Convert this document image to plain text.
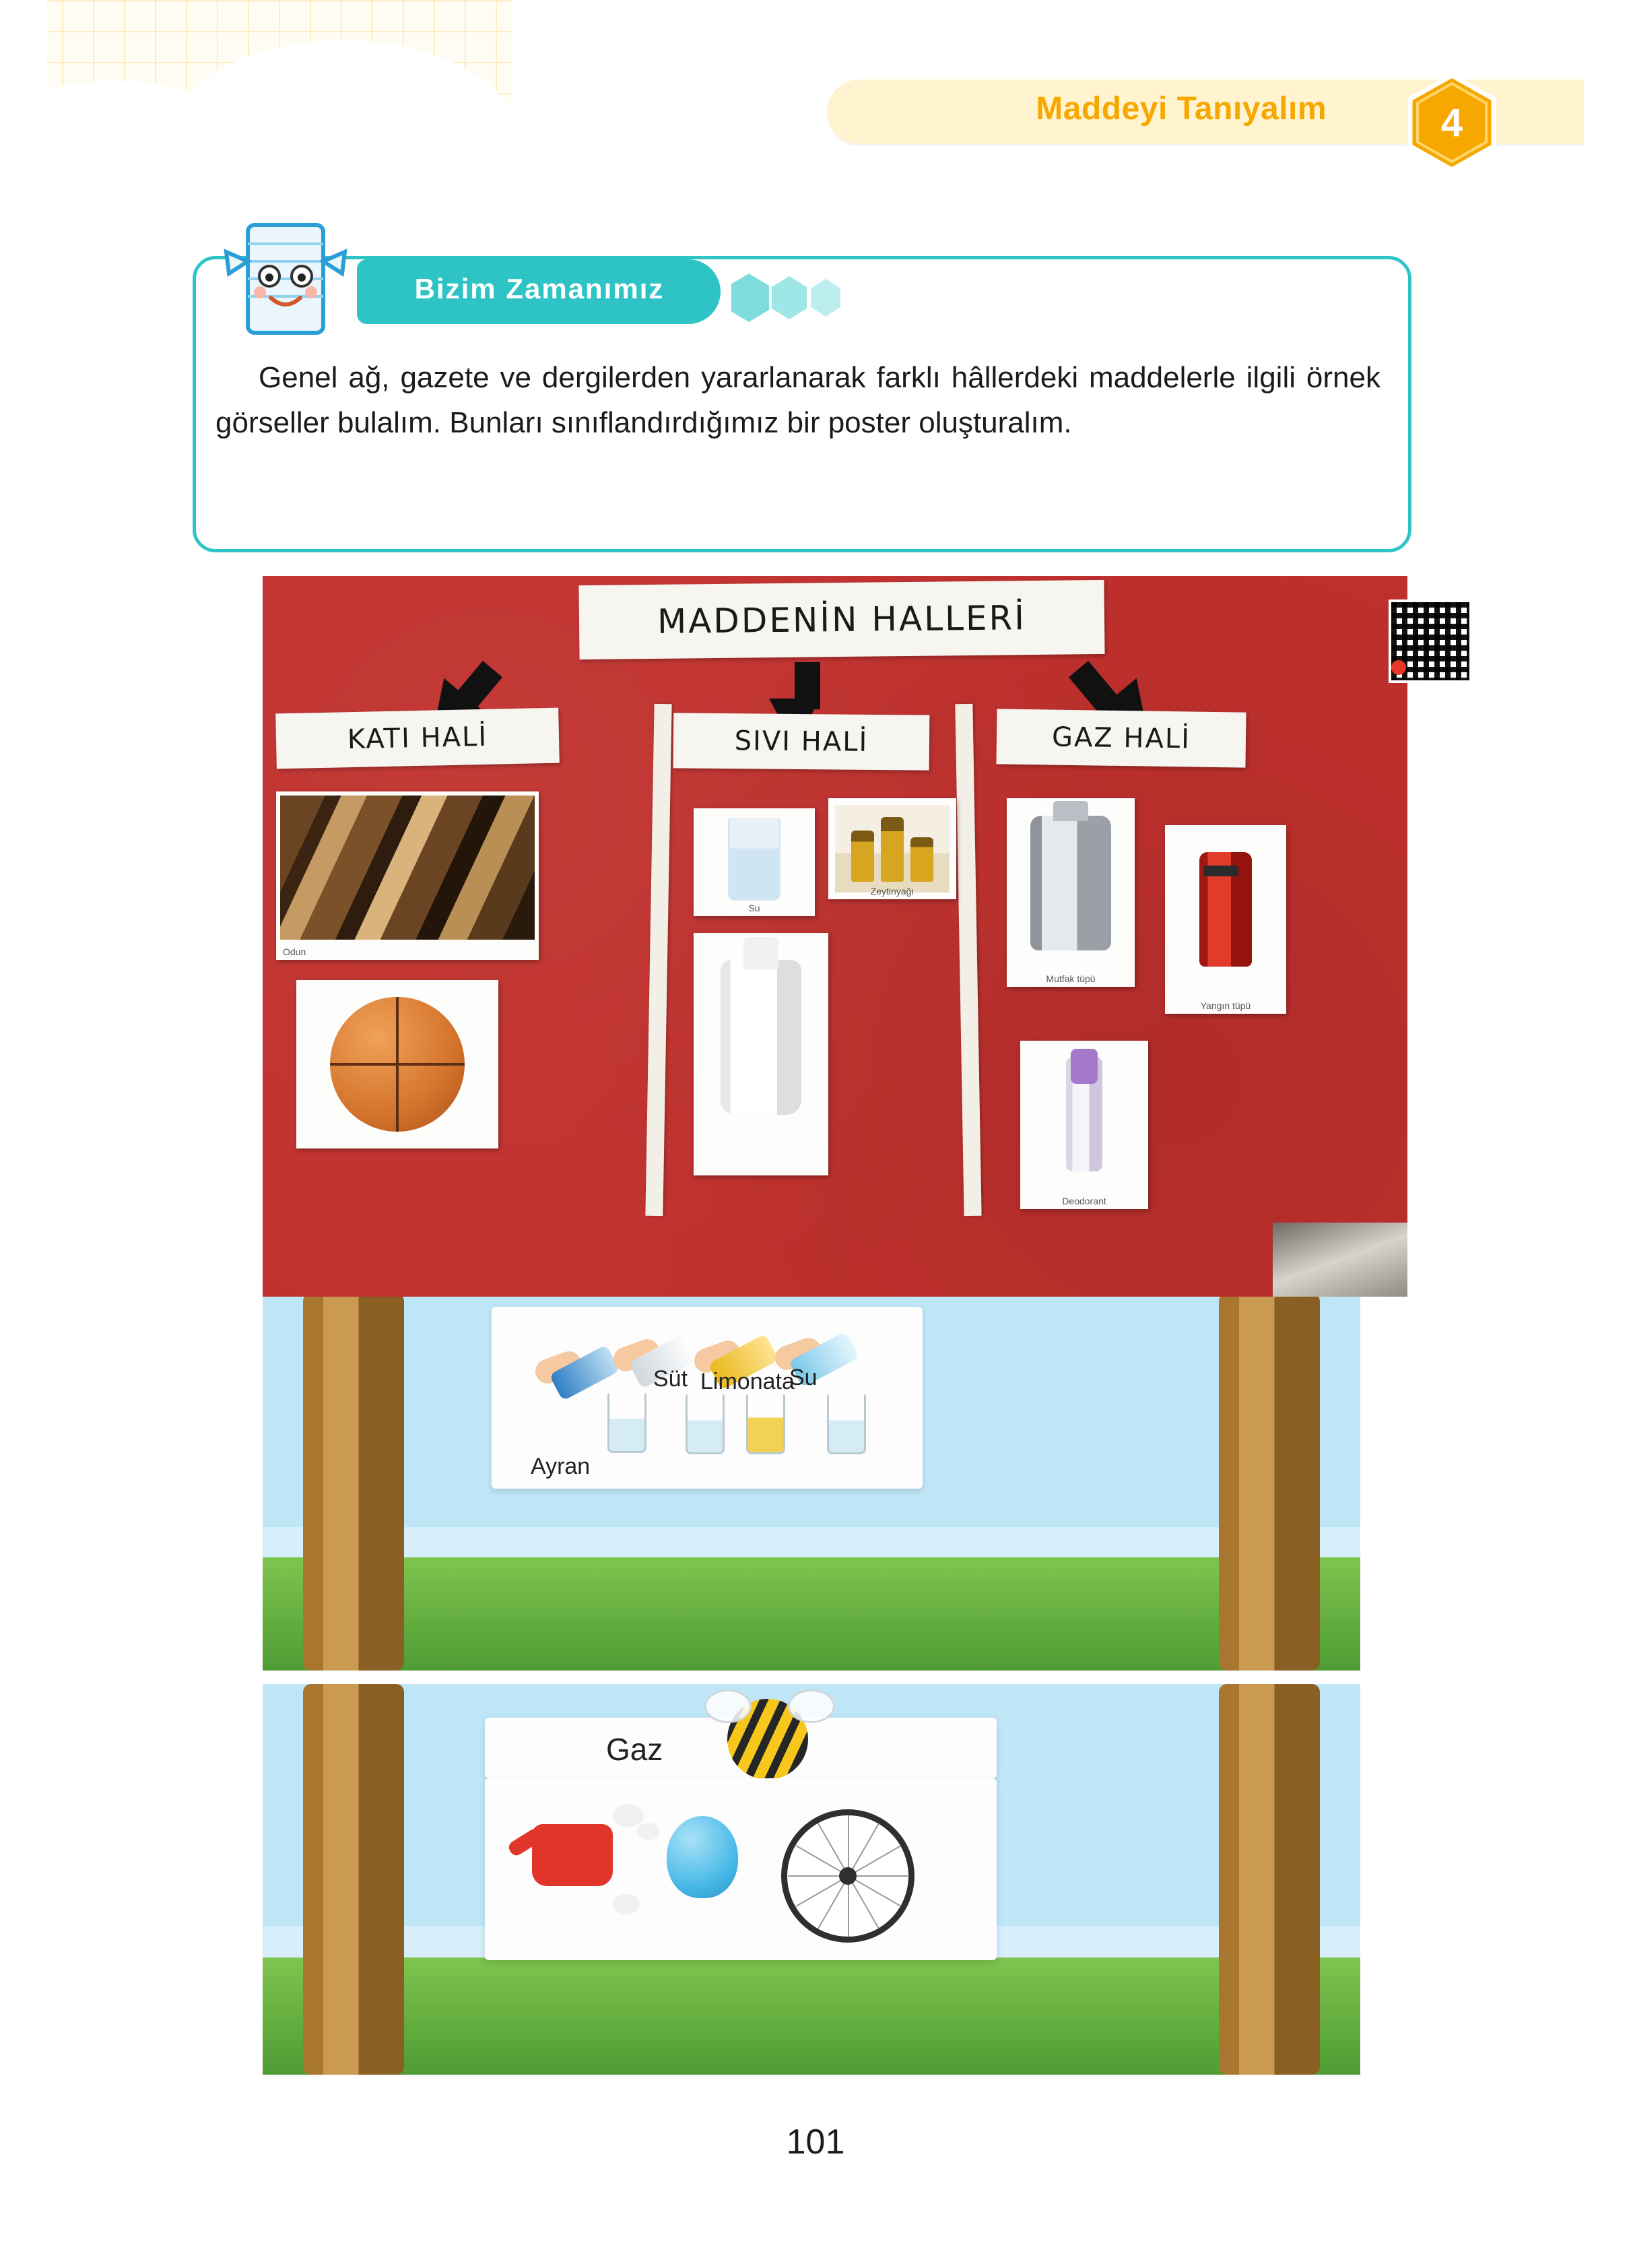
Maddeyi Tanıyalım	4
Bizim Zamanımız
Genel ağ, gazete ve dergilerden yararlanarak farklı hâllerdeki maddelerle ilgili örnek görseller bulalım. Bunları sınıflandırdığımız bir poster oluşturalım.
MADDENİN HALLERİ
KATI HALİ	SIVI HALİ	GAZ HALİ
Odun
Su
Zeytinyağı
Mutfak tüpü
Yangın tüpü
Deodorant
Ayran
Süt Limonata
Su
Gaz
101
